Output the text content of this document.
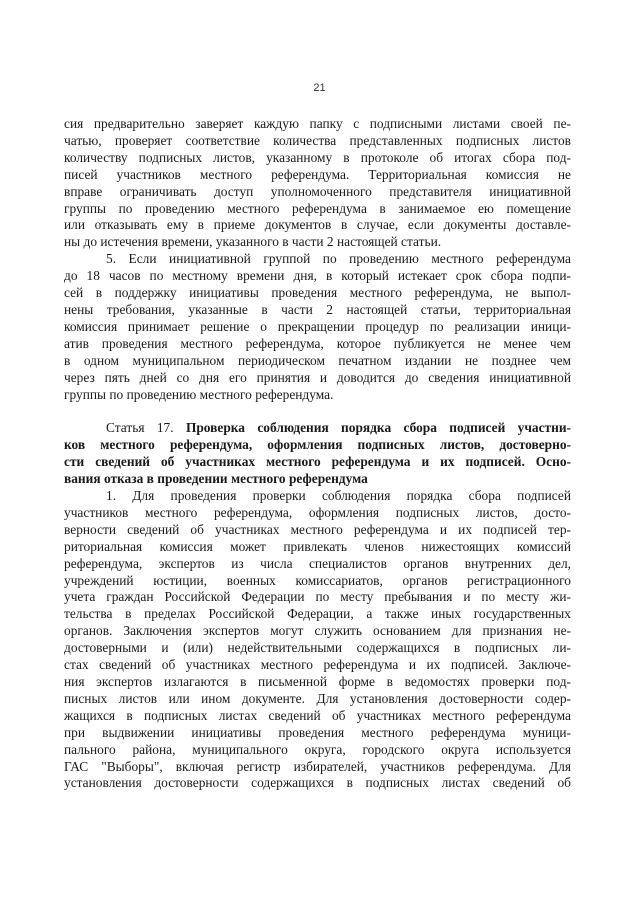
21
сия предварительно заверяет каждую папку с подписными листами своей пе-
чатью, проверяет соответствие количества представленных подписных листов
количеству подписных листов, указанному в протоколе об итогах сбора под-
писей участников местного референдума. Территориальная комиссия не
вправе ограничивать доступ уполномоченного представителя инициативной
группы по проведению местного референдума в занимаемое ею помещение
или отказывать ему в приеме документов в случае, если документы доставле-
ны до истечения времени, указанного в части 2 настоящей статьи.
5. Если инициативной группой по проведению местного референдума
до 18 часов по местному времени дня, в который истекает срок сбора подпи-
сей в поддержку инициативы проведения местного референдума, не выпол-
нены требования, указанные в части 2 настоящей статьи, территориальная
комиссия принимает решение о прекращении процедур по реализации иници-
атив проведения местного референдума, которое публикуется не менее чем
в одном муниципальном периодическом печатном издании не позднее чем
через пять дней со дня его принятия и доводится до сведения инициативной
группы по проведению местного референдума.
Статья 17. Проверка соблюдения порядка сбора подписей участни-
ков местного референдума, оформления подписных листов, достоверно-
сти сведений об участниках местного референдума и их подписей. Осно-
вания отказа в проведении местного референдума
1. Для проведения проверки соблюдения порядка сбора подписей
участников местного референдума, оформления подписных листов, досто-
верности сведений об участниках местного референдума и их подписей тер-
риториальная комиссия может привлекать членов нижестоящих комиссий
референдума, экспертов из числа специалистов органов внутренних дел,
учреждений юстиции, военных комиссариатов, органов регистрационного
учета граждан Российской Федерации по месту пребывания и по месту жи-
тельства в пределах Российской Федерации, а также иных государственных
органов. Заключения экспертов могут служить основанием для признания не-
достоверными и (или) недействительными содержащихся в подписных ли-
стах сведений об участниках местного референдума и их подписей. Заключе-
ния экспертов излагаются в письменной форме в ведомостях проверки под-
писных листов или ином документе. Для установления достоверности содер-
жащихся в подписных листах сведений об участниках местного референдума
при выдвижении инициативы проведения местного референдума муници-
пального района, муниципального округа, городского округа используется
ГАС "Выборы", включая регистр избирателей, участников референдума. Для
установления достоверности содержащихся в подписных листах сведений об
